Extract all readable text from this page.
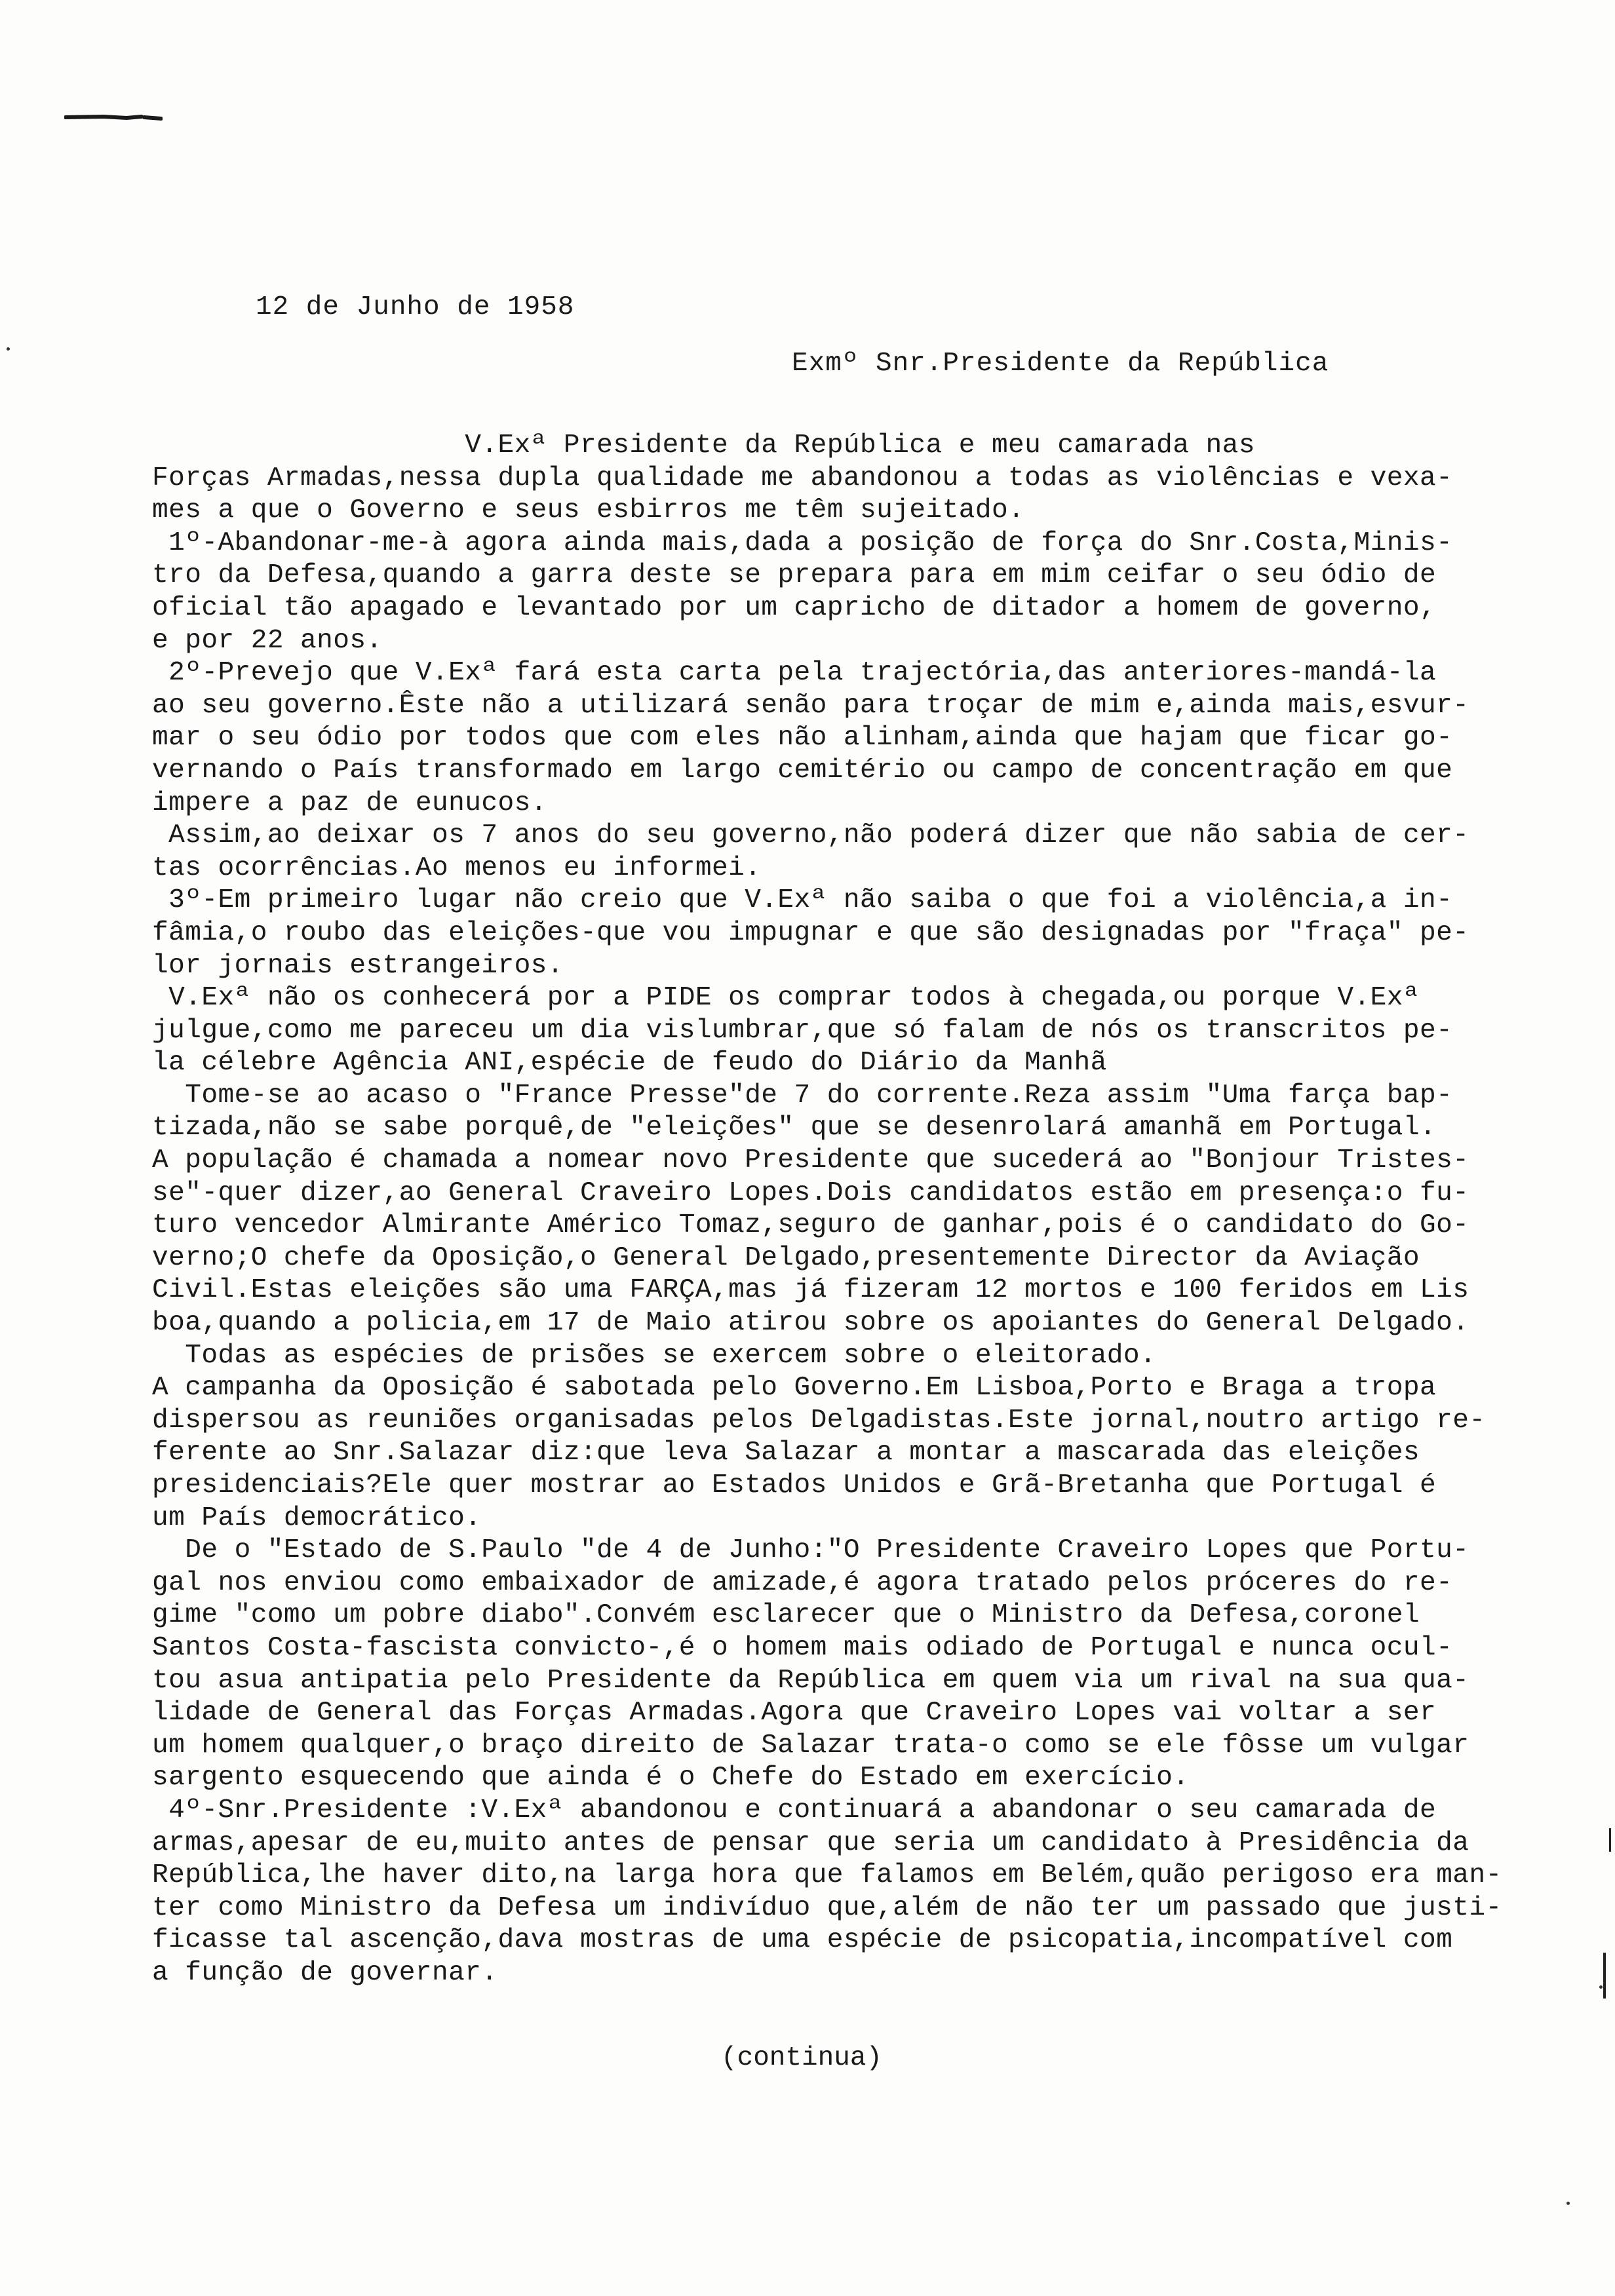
12 de Junho de 1958
Exmº Snr.Presidente da República
V.Exª Presidente da República e meu camarada nas
Forças Armadas,nessa dupla qualidade me abandonou a todas as violências e vexa-
mes a que o Governo e seus esbirros me têm sujeitado.
1º-Abandonar-me-à agora ainda mais,dada a posição de força do Snr.Costa,Minis-
tro da Defesa,quando a garra deste se prepara para em mim ceifar o seu ódio de
oficial tão apagado e levantado por um capricho de ditador a homem de governo,
e por 22 anos.
2º-Prevejo que V.Exª fará esta carta pela trajectória,das anteriores-mandá-la
ao seu governo.Êste não a utilizará senão para troçar de mim e,ainda mais,esvur-
mar o seu ódio por todos que com eles não alinham,ainda que hajam que ficar go-
vernando o País transformado em largo cemitério ou campo de concentração em que
impere a paz de eunucos.
Assim,ao deixar os 7 anos do seu governo,não poderá dizer que não sabia de cer-
tas ocorrências.Ao menos eu informei.
3º-Em primeiro lugar não creio que V.Exª não saiba o que foi a violência,a in-
fâmia,o roubo das eleições-que vou impugnar e que são designadas por "fraça" pe-
lor jornais estrangeiros.
V.Exª não os conhecerá por a PIDE os comprar todos à chegada,ou porque V.Exª
julgue,como me pareceu um dia vislumbrar,que só falam de nós os transcritos pe-
la célebre Agência ANI,espécie de feudo do Diário da Manhã
Tome-se ao acaso o "France Presse"de 7 do corrente.Reza assim "Uma farça bap-
tizada,não se sabe porquê,de "eleições" que se desenrolará amanhã em Portugal.
A população é chamada a nomear novo Presidente que sucederá ao "Bonjour Tristes-
se"-quer dizer,ao General Craveiro Lopes.Dois candidatos estão em presença:o fu-
turo vencedor Almirante Américo Tomaz,seguro de ganhar,pois é o candidato do Go-
verno;O chefe da Oposição,o General Delgado,presentemente Director da Aviação
Civil.Estas eleições são uma FARÇA,mas já fizeram 12 mortos e 100 feridos em Lis
boa,quando a policia,em 17 de Maio atirou sobre os apoiantes do General Delgado.
Todas as espécies de prisões se exercem sobre o eleitorado.
A campanha da Oposição é sabotada pelo Governo.Em Lisboa,Porto e Braga a tropa
dispersou as reuniões organisadas pelos Delgadistas.Este jornal,noutro artigo re-
ferente ao Snr.Salazar diz:que leva Salazar a montar a mascarada das eleições
presidenciais?Ele quer mostrar ao Estados Unidos e Grã-Bretanha que Portugal é
um País democrático.
De o "Estado de S.Paulo "de 4 de Junho:"O Presidente Craveiro Lopes que Portu-
gal nos enviou como embaixador de amizade,é agora tratado pelos próceres do re-
gime "como um pobre diabo".Convém esclarecer que o Ministro da Defesa,coronel
Santos Costa-fascista convicto-,é o homem mais odiado de Portugal e nunca ocul-
tou asua antipatia pelo Presidente da República em quem via um rival na sua qua-
lidade de General das Forças Armadas.Agora que Craveiro Lopes vai voltar a ser
um homem qualquer,o braço direito de Salazar trata-o como se ele fôsse um vulgar
sargento esquecendo que ainda é o Chefe do Estado em exercício.
4º-Snr.Presidente :V.Exª abandonou e continuará a abandonar o seu camarada de
armas,apesar de eu,muito antes de pensar que seria um candidato à Presidência da
República,lhe haver dito,na larga hora que falamos em Belém,quão perigoso era man-
ter como Ministro da Defesa um indivíduo que,além de não ter um passado que justi-
ficasse tal ascenção,dava mostras de uma espécie de psicopatia,incompatível com
a função de governar.
(continua)
